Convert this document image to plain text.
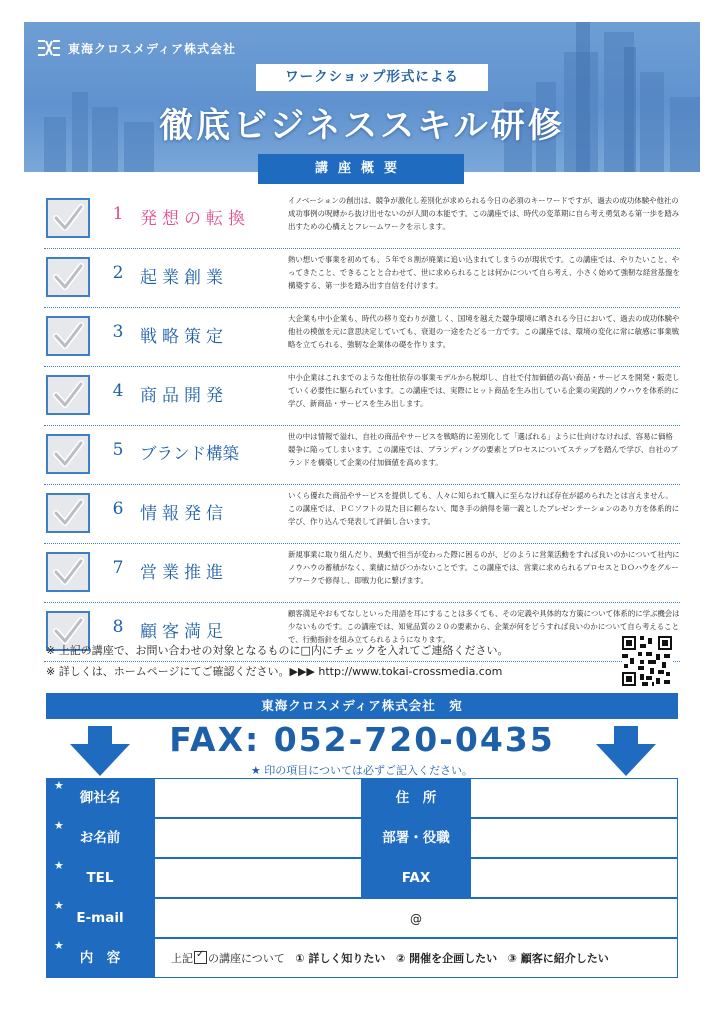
東海クロスメディア株式会社
ワークショップ形式による
徹底ビジネススキル研修
講座概要
1 発想の転換
イノベーションの創出は、競争が激化し差別化が求められる今日の必須のキーワードですが、過去の成功体験や他社の成功事例の呪縛から抜け出せないのが人間の本能です。この講座では、時代の変革期に自ら考え勇気ある第一歩を踏み出すための心構えとフレームワークを示します。
2 起業創業
熱い想いで事業を初めても、５年で８割が廃業に追い込まれてしまうのが現状です。この講座では、やりたいこと、やってきたこと、できることと合わせて、世に求められることは何かについて自ら考え、小さく始めて強靭な経営基盤を構築する、第一歩を踏み出す自信を付けます。
3 戦略策定
大企業も中小企業も、時代の移り変わりが激しく、国境を越えた競争環境に晒される今日において、過去の成功体験や他社の模倣を元に意思決定していても、衰退の一途をたどる一方です。この講座では、環境の変化に常に敏感に事業戦略を立てられる、強靭な企業体の礎を作ります。
4 商品開発
中小企業はこれまでのような他社依存の事業モデルから脱却し、自社で付加価値の高い商品・サービスを開発・販売していく必要性に駆られています。この講座では、実際にヒット商品を生み出している企業の実践的ノウハウを体系的に学び、新商品・サービスを生み出します。
5	ブランド構築
世の中は情報で溢れ、自社の商品やサービスを戦略的に差別化して「選ばれる」ように仕向けなければ、容易に価格競争に陥ってしまいます。この講座では、ブランディングの要素とプロセスについてステップを踏んで学び、自社のブランドを構築して企業の付加価値を高めます。
6 情報発信
いくら優れた商品やサービスを提供しても、人々に知られて購入に至らなければ存在が認められたとは言えません。この講座では、ＰＣソフトの見た目に頼らない、聞き手の納得を第一義としたプレゼンテーションのあり方を体系的に学び、作り込んで発表して評価し合います。
7 営業推進
新規事業に取り組んだり、異動で担当が変わった際に困るのが、どのように営業活動をすれば良いのかについて社内にノウハウの蓄積がなく、業績に結びつかないことです。この講座では、営業に求められるプロセスとＤＯハウをグループワークで修得し、即戦力化に繋げます。
8 顧客満足
顧客満足やおもてなしといった用語を耳にすることは多くても、その定義や具体的な方策について体系的に学ぶ機会は少ないものです。この講座では、知覚品質の２０の要素から、企業が何をどうすれば良いのかについて自ら考えることで、行動指針を組み立てられるようになります。
※ 上記の講座で、お問い合わせの対象となるものに□内にチェックを入れてご連絡ください。
※ 詳しくは、ホームページにてご確認ください。▶▶▶ http://www.tokai-crossmedia.com
東海クロスメディア株式会社　宛
FAX: 052-720-0435
★ 印の項目については必ずご記入ください。
★
御社名	住　所
★
お名前	部署・役職
★
TEL	FAX
★
E-mail	@
★
内　容	上記✓ の講座について ① 詳しく知りたい ② 開催を企画したい ③ 顧客に紹介したい
